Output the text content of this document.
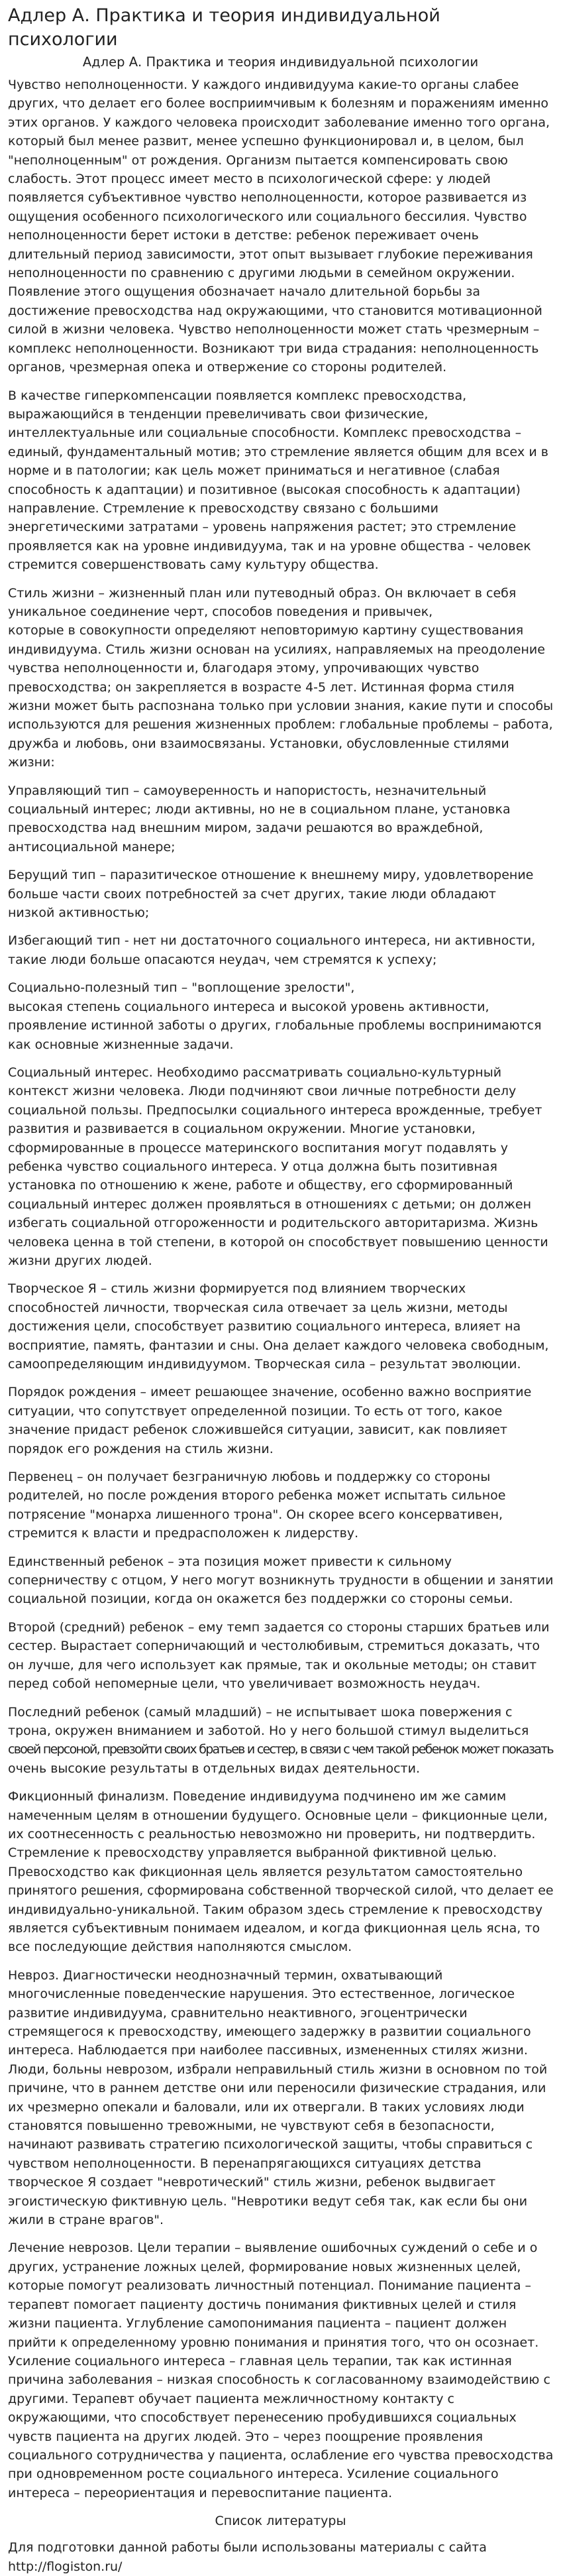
Адлер А. Практика и теория индивидуальной психологии
Адлер А. Практика и теория индивидуальной психологии
Чувство неполноценности. У каждого индивидуума какие-то органы слабее
других, что делает его более восприимчивым к болезням и поражениям именно
этих органов. У каждого человека происходит заболевание именно того органа,
который был менее развит, менее успешно функционировал и, в целом, был
"неполноценным" от рождения. Организм пытается компенсировать свою
слабость. Этот процесс имеет место в психологической сфере: у людей
появляется субъективное чувство неполноценности, которое развивается из
ощущения особенного психологического или социального бессилия. Чувство
неполноценности берет истоки в детстве: ребенок переживает очень
длительный период зависимости, этот опыт вызывает глубокие переживания
неполноценности по сравнению с другими людьми в семейном окружении.
Появление этого ощущения обозначает начало длительной борьбы за
достижение превосходства над окружающими, что становится мотивационной
силой в жизни человека. Чувство неполноценности может стать чрезмерным –
комплекс неполноценности. Возникают три вида страдания: неполноценность
органов, чрезмерная опека и отвержение со стороны родителей.
В качестве гиперкомпенсации появляется комплекс превосходства,
выражающийся в тенденции превеличивать свои физические,
интеллектуальные или социальные способности. Комплекс превосходства –
единый, фундаментальный мотив; это стремление является общим для всех и в
норме и в патологии; как цель может приниматься и негативное (слабая
способность к адаптации) и позитивное (высокая способность к адаптации)
направление. Стремление к превосходству связано с большими
энергетическими затратами – уровень напряжения растет; это стремление
проявляется как на уровне индивидуума, так и на уровне общества - человек
стремится совершенствовать саму культуру общества.
Стиль жизни – жизненный план или путеводный образ. Он включает в себя
уникальное соединение черт, способов поведения и привычек,
которые в совокупности определяют неповторимую картину существования
индивидуума. Стиль жизни основан на усилиях, направляемых на преодоление
чувства неполноценности и, благодаря этому, упрочивающих чувство
превосходства; он закрепляется в возрасте 4-5 лет. Истинная форма стиля
жизни может быть распознана только при условии знания, какие пути и способы
используются для решения жизненных проблем: глобальные проблемы – работа,
дружба и любовь, они взаимосвязаны. Установки, обусловленные стилями
жизни:
Управляющий тип – самоуверенность и напористость, незначительный
социальный интерес; люди активны, но не в социальном плане, установка
превосходства над внешним миром, задачи решаются во враждебной,
антисоциальной манере;
Берущий тип – паразитическое отношение к внешнему миру, удовлетворение
больше части своих потребностей за счет других, такие люди обладают
низкой активностью;
Избегающий тип - нет ни достаточного социального интереса, ни активности,
такие люди больше опасаются неудач, чем стремятся к успеху;
Социально-полезный тип – "воплощение зрелости",
высокая степень социального интереса и высокой уровень активности,
проявление истинной заботы о других, глобальные проблемы воспринимаются
как основные жизненные задачи.
Социальный интерес. Необходимо рассматривать социально-культурный
контекст жизни человека. Люди подчиняют свои личные потребности делу
социальной пользы. Предпосылки социального интереса врожденные, требует
развития и развивается в социальном окружении. Многие установки,
сформированные в процессе материнского воспитания могут подавлять у
ребенка чувство социального интереса. У отца должна быть позитивная
установка по отношению к жене, работе и обществу, его сформированный
социальный интерес должен проявляться в отношениях с детьми; он должен
избегать социальной отгороженности и родительского авторитаризма. Жизнь
человека ценна в той степени, в которой он способствует повышению ценности
жизни других людей.
Творческое Я – стиль жизни формируется под влиянием творческих
способностей личности, творческая сила отвечает за цель жизни, методы
достижения цели, способствует развитию социального интереса, влияет на
восприятие, память, фантазии и сны. Она делает каждого человека свободным,
самоопределяющим индивидуумом. Творческая сила – результат эволюции.
Порядок рождения – имеет решающее значение, особенно важно восприятие
ситуации, что сопутствует определенной позиции. То есть от того, какое
значение придаст ребенок сложившейся ситуации, зависит, как повлияет
порядок его рождения на стиль жизни.
Первенец – он получает безграничную любовь и поддержку со стороны
родителей, но после рождения второго ребенка может испытать сильное
потрясение "монарха лишенного трона". Он скорее всего консервативен,
стремится к власти и предрасположен к лидерству.
Единственный ребенок – эта позиция может привести к сильному
соперничеству с отцом, У него могут возникнуть трудности в общении и занятии
социальной позиции, когда он окажется без поддержки со стороны семьи.
Второй (средний) ребенок – ему темп задается со стороны старших братьев или
сестер. Вырастает соперничающий и честолюбивым, стремиться доказать, что
он лучше, для чего использует как прямые, так и окольные методы; он ставит
перед собой непомерные цели, что увеличивает возможность неудач.
Последний ребенок (самый младший) – не испытывает шока повержения с
трона, окружен вниманием и заботой. Но у него большой стимул выделиться
своей персоной, превзойти своих братьев и сестер, в связи с чем такой ребенок может показать
очень высокие результаты в отдельных видах деятельности.
Фикционный финализм. Поведение индивидуума подчинено им же самим
намеченным целям в отношении будущего. Основные цели – фикционные цели,
их соотнесенность с реальностью невозможно ни проверить, ни подтвердить.
Стремление к превосходству управляется выбранной фиктивной целью.
Превосходство как фикционная цель является результатом самостоятельно
принятого решения, сформирована собственной творческой силой, что делает ее
индивидуально-уникальной. Таким образом здесь стремление к превосходству
является субъективным понимаем идеалом, и когда фикционная цель ясна, то
все последующие действия наполняются смыслом.
Невроз. Диагностически неоднозначный термин, охватывающий
многочисленные поведенческие нарушения. Это естественное, логическое
развитие индивидуума, сравнительно неактивного, эгоцентрически
стремящегося к превосходству, имеющего задержку в развитии социального
интереса. Наблюдается при наиболее пассивных, измененных стилях жизни.
Люди, больны неврозом, избрали неправильный стиль жизни в основном по той
причине, что в раннем детстве они или переносили физические страдания, или
их чрезмерно опекали и баловали, или их отвергали. В таких условиях люди
становятся повышенно тревожными, не чувствуют себя в безопасности,
начинают развивать стратегию психологической защиты, чтобы справиться с
чувством неполноценности. В перенапрягающихся ситуациях детства
творческое Я создает "невротический" стиль жизни, ребенок выдвигает
эгоистическую фиктивную цель. "Невротики ведут себя так, как если бы они
жили в стране врагов".
Лечение неврозов. Цели терапии – выявление ошибочных суждений о себе и о
других, устранение ложных целей, формирование новых жизненных целей,
которые помогут реализовать личностный потенциал. Понимание пациента –
терапевт помогает пациенту достичь понимания фиктивных целей и стиля
жизни пациента. Углубление самопонимания пациента – пациент должен
прийти к определенному уровню понимания и принятия того, что он осознает.
Усиление социального интереса – главная цель терапии, так как истинная
причина заболевания – низкая способность к согласованному взаимодействию с
другими. Терапевт обучает пациента межличностному контакту с
окружающими, что способствует перенесению пробудившихся социальных
чувств пациента на других людей. Это – через поощрение проявления
социального сотрудничества у пациента, ослабление его чувства превосходства
при одновременном росте социального интереса. Усиление социального
интереса – переориентация и перевоспитание пациента.
Список литературы
Для подготовки данной работы были использованы материалы с сайта
http://flogiston.ru/
